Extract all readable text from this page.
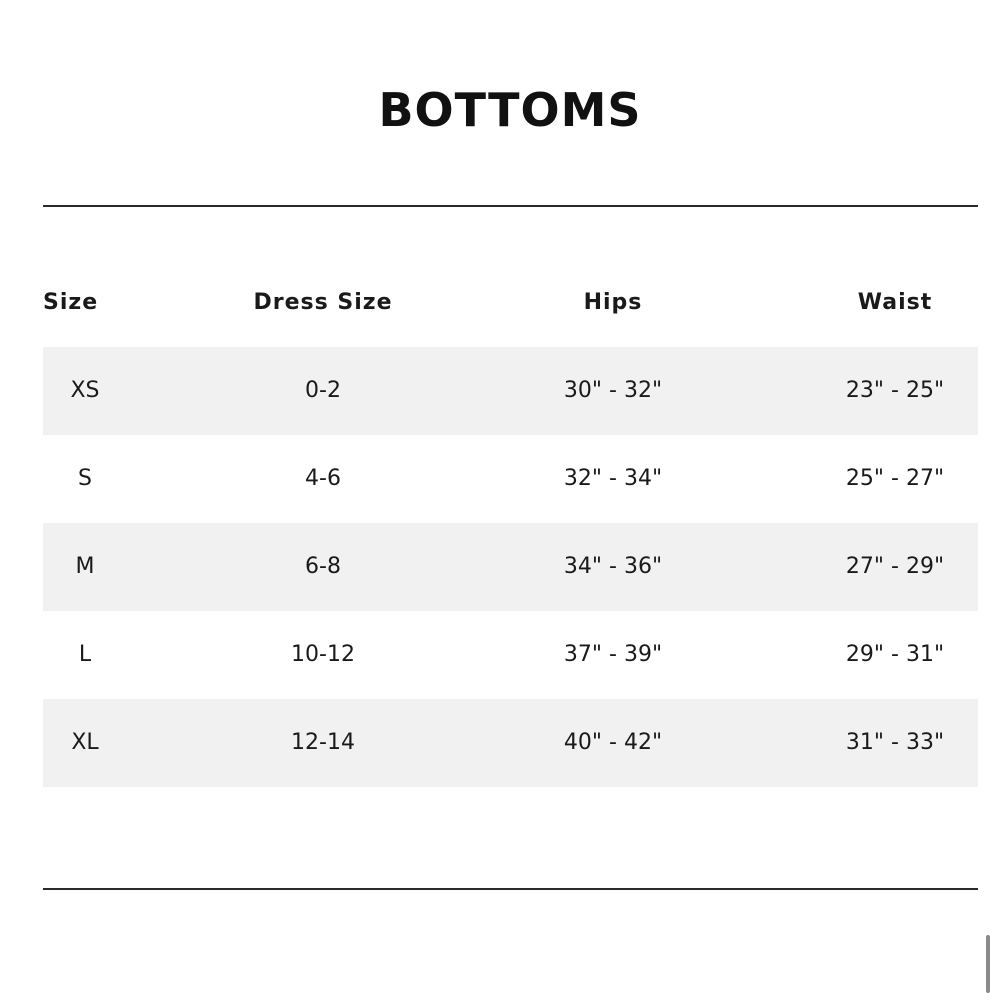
BOTTOMS
Size	Dress Size	Hips	Waist
XS	0-2	30" - 32"	23" - 25"
S	4-6	32" - 34"	25" - 27"
M	6-8	34" - 36"	27" - 29"
L	10-12	37" - 39"	29" - 31"
XL	12-14	40" - 42"	31" - 33"
